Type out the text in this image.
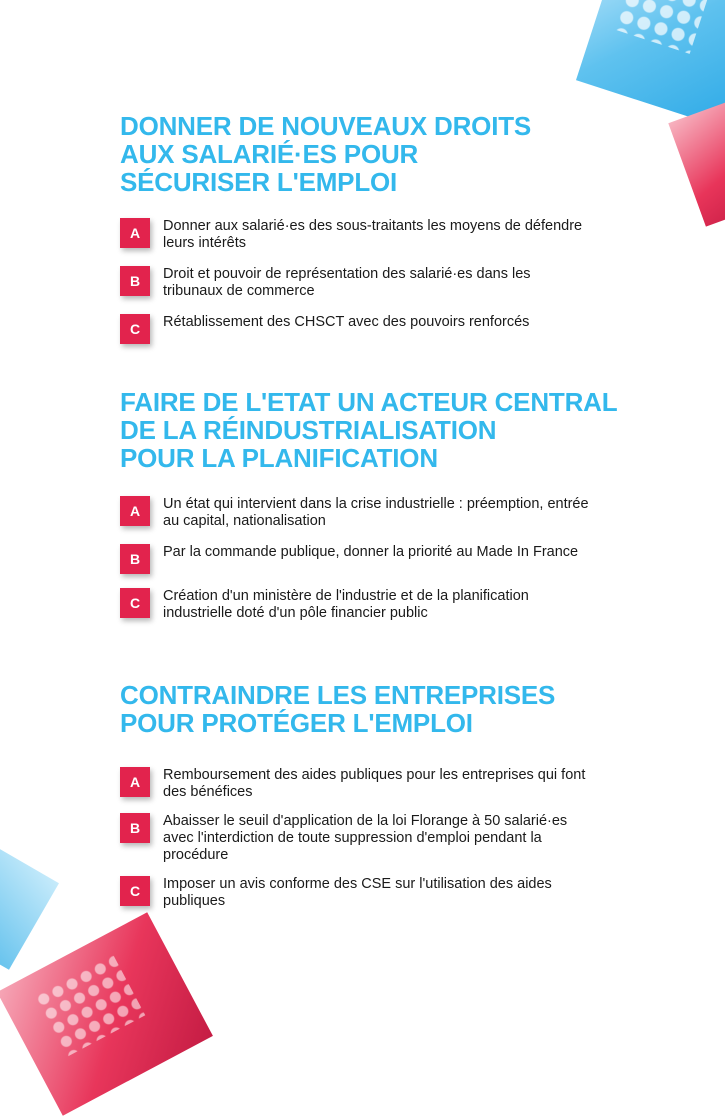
DONNER DE NOUVEAUX DROITS
AUX SALARIÉ·ES POUR
SÉCURISER L'EMPLOI
A	Donner aux salarié·es des sous-traitants les moyens de défendre leurs intérêts
B	Droit et pouvoir de représentation des salarié·es dans les tribunaux de commerce
C	Rétablissement des CHSCT avec des pouvoirs renforcés
FAIRE DE L'ETAT UN ACTEUR CENTRAL
DE LA RÉINDUSTRIALISATION
POUR LA PLANIFICATION
A	Un état qui intervient dans la crise industrielle : préemption, entrée au capital, nationalisation
B	Par la commande publique, donner la priorité au Made In France
C	Création d'un ministère de l'industrie et de la planification industrielle doté d'un pôle financier public
CONTRAINDRE LES ENTREPRISES
POUR PROTÉGER L'EMPLOI
A	Remboursement des aides publiques pour les entreprises qui font des bénéfices
B	Abaisser le seuil d'application de la loi Florange à 50 salarié·es avec l'interdiction de toute suppression d'emploi pendant la procédure
C	Imposer un avis conforme des CSE sur l'utilisation des aides publiques
